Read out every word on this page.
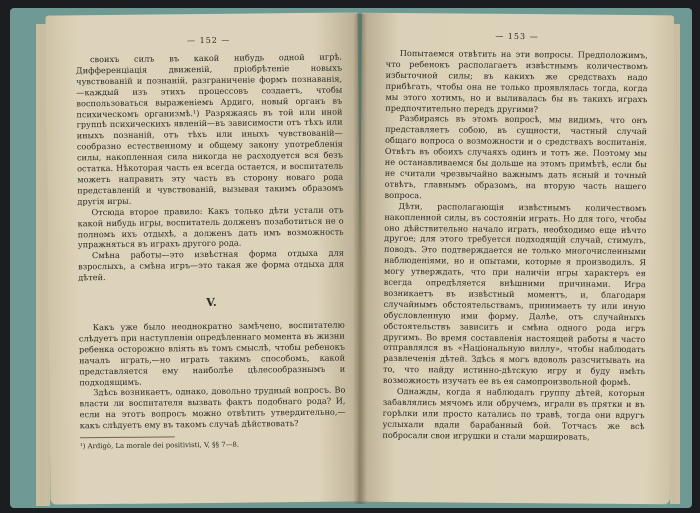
— 152 —

своихъ силъ въ какой нибудь одной игрѣ. Дифференціація движеній, пріобрѣтеніе новыхъ чувствованій и познаній, разграниченіе формъ познаванія,—каждый изъ этихъ процессовъ создаетъ, чтобы воспользоваться выраженіемъ Ардиго, новый органъ въ психическомъ организмѣ.¹) Разряжаясь въ той или иной группѣ психическихъ явленій—въ зависимости отъ тѣхъ или иныхъ познаній, отъ тѣхъ или иныхъ чувствованій—сообразно естественному и общему закону употребленія силы, накопленная сила никогда не расходуется вся безъ остатка. Нѣкоторая часть ея всегда остается, и воспитатель можетъ направить эту часть въ сторону новаго рода представленій и чувствованій, вызывая такимъ образомъ другія игры.

Отсюда второе правило: Какъ только дѣти устали отъ какой нибудь игры, воспитатель долженъ позаботиться не о полномъ ихъ отдыхѣ, а долженъ дать имъ возможность упражняться въ играхъ другого рода.

Смѣна работы—это извѣстная форма отдыха для взрослыхъ, а смѣна игръ—это такая же форма отдыха для дѣтей.

V.

Какъ уже было неоднократно замѣчено, воспитателю слѣдуетъ при наступленіи опредѣленнаго момента въ жизни ребенка осторожно влiять въ томъ смыслѣ, чтобы ребенокъ началъ играть,—но играть такимъ способомъ, какой представляется ему наиболѣе цѣлесообразнымъ и подходящимъ.

Здѣсь возникаетъ, однако, довольно трудный вопросъ. Во власти ли воспитателя вызвать фактъ подобнаго рода? И, если на этотъ вопросъ можно отвѣтить утвердительно,—какъ слѣдуетъ ему въ такомъ случаѣ дѣйствовать?

¹) Ardigò, La morale dei positivisti, V, §§ 7—8.
— 153 —

Попытаемся отвѣтить на эти вопросы. Предположимъ, что ребенокъ располагаетъ извѣстнымъ количествомъ избыточной силы; въ какихъ же средствахъ надо прибѣгать, чтобы она не только проявлялась тогда, когда мы этого хотимъ, но и выливалась бы въ такихъ играхъ предпочтительно передъ другими?

Разбираясь въ этомъ вопросѣ, мы видимъ, что онъ представляетъ собою, въ сущности, частный случай общаго вопроса о возможности и о средствахъ воспитанія. Отвѣтъ въ обоихъ случаяхъ одинъ и тотъ же. Поэтому мы не останавливаемся бы дольше на этомъ примѣтѣ, если бы не считали чрезвычайно важнымъ дать ясный и точный отвѣтъ, главнымъ образомъ, на вторую часть нашего вопроса.

Дѣти, располагающія извѣстнымъ количествомъ накопленной силы, въ состояніи играть. Но для того, чтобы оно дѣйствительно начало играть, необходимо еще нѣчто другое; для этого требуется подходящій случай, стимулъ, поводъ. Это подтверждается не только многочисленными наблюденіями, но и опытами, которые я производилъ. Я могу утверждать, что при наличіи игры характеръ ея всегда опредѣляется внѣшними причинами. Игра возникаетъ въ извѣстный моментъ, и, благодаря случайнымъ обстоятельствамъ, принимаетъ ту или иную обусловленную ими форму. Далѣе, отъ случайныхъ обстоятельствъ зависитъ и смѣна одного рода игръ другимъ. Во время составленія настоящей работы я часто отправлялся въ «Національную виллу», чтобы наблюдать развлеченія дѣтей. Здѣсь я могъ вдоволь разсчитывать на то, что найду истинно-дѣтскую игру и буду имѣть возможность изучать ее въ ея самопроизвольной формѣ.

Однажды, когда я наблюдалъ группу дѣтей, которыя забавлялись мячомъ или обручемъ, играли въ прятки и въ горѣлки или просто катались по травѣ, тогда они вдругъ услыхали вдали барабанный бой. Тотчасъ же всѣ побросали свои игрушки и стали маршировать,
